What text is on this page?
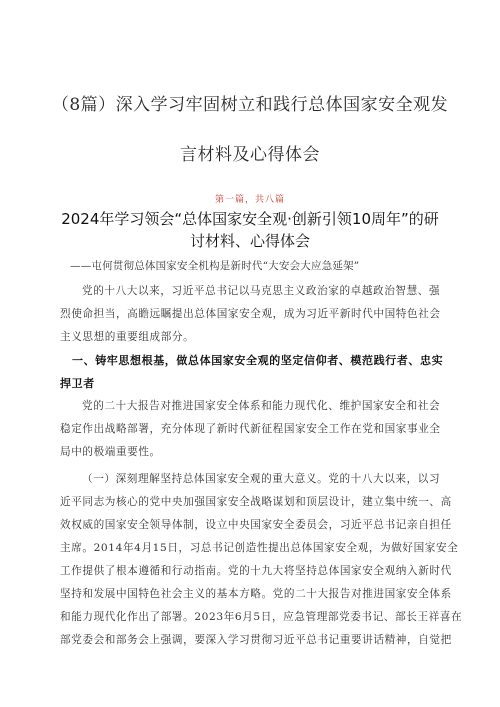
（8篇）深入学习牢固树立和践行总体国家安全观发
言材料及心得体会
第一篇，共八篇
2024年学习领会“总体国家安全观·创新引领10周年”的研
讨材料、心得体会
——屯何贯彻总体国家安全机构是新时代“大安会大应急延架”
党的十八大以来，习近平总书记以马克思主义政治家的卓越政治智慧、强
烈使命担当，高瞻远瞩提出总体国家安全观，成为习近平新时代中国特色社会
主义思想的重要组成部分。
一、铸牢思想根基，做总体国家安全观的坚定信仰者、模范践行者、忠实
捍卫者
党的二十大报告对推进国家安全体系和能力现代化、维护国家安全和社会
稳定作出战略部署，充分体现了新时代新征程国家安全工作在党和国家事业全
局中的极端重要性。
（一）深刻理解坚持总体国家安全观的重大意义。党的十八大以来，以习
近平同志为核心的党中央加强国家安全战略谋划和顶层设计，建立集中统一、高
效权威的国家安全领导体制，设立中央国家安全委员会，习近平总书记亲自担任
主席。2014年4月15日，习总书记创造性提出总体国家安全观，为做好国家安全
工作提供了根本遵循和行动指南。党的十九大将坚持总体国家安全观纳入新时代
坚持和发展中国特色社会主义的基本方略。党的二十大报告对推进国家安全体系
和能力现代化作出了部署。2023年6月5日，应急管理部党委书记、部长王祥喜在
部党委会和部务会上强调，要深入学习贯彻习近平总书记重要讲话精神，自觉把
